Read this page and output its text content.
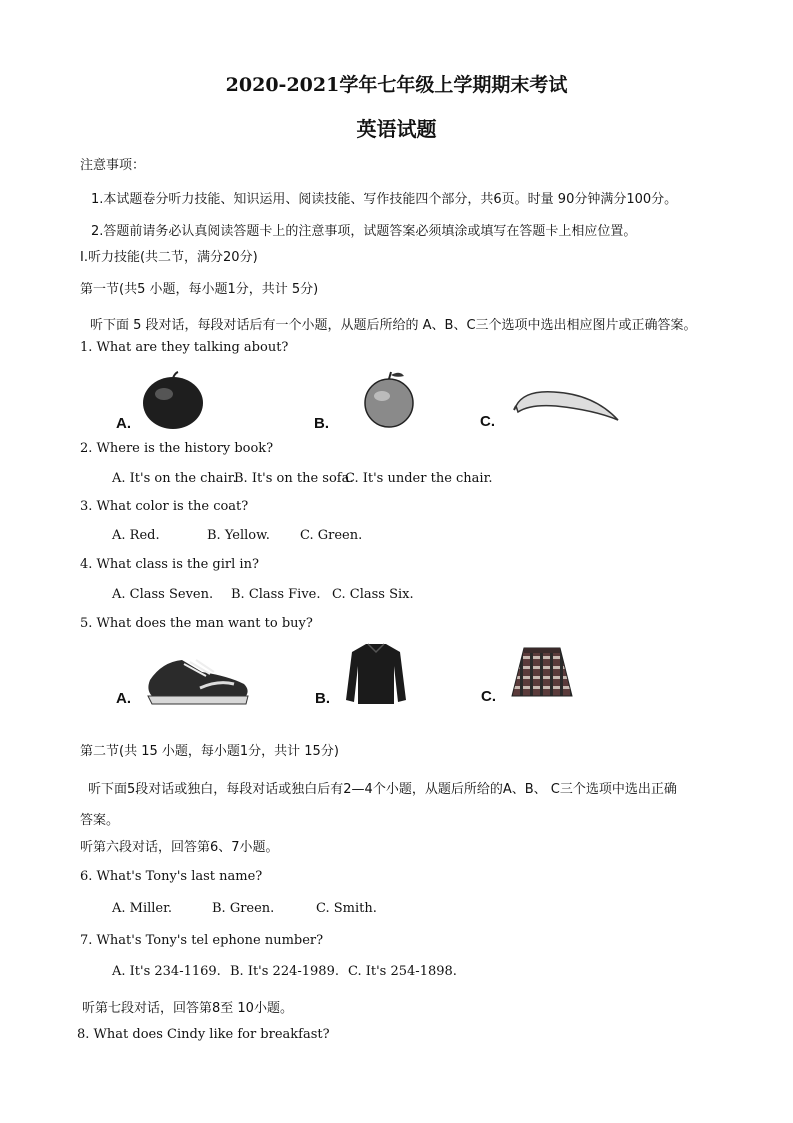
2020-2021学年七年级上学期期末考试
英语试题
注意事项：
1.本试题卷分听力技能、知识运用、阅读技能、写作技能四个部分，共6页。时量 90分钟满分100分。
2.答题前请务必认真阅读答题卡上的注意事项，试题答案必须填涂或填写在答题卡上相应位置。
Ⅰ.听力技能(共二节，满分20分)
第一节(共5 小题，每小题1分，共计 5分)
听下面 5 段对话，每段对话后有一个小题，从题后所给的 A、B、C三个选项中选出相应图片或正确答案。
1. What are they talking about?
A.	B.	C.
2. Where is the history book?
A. It's on the chair.
B. It's on the sofa.
C. It's under the chair.
3. What color is the coat?
A. Red.	B. Yellow. C. Green.
4. What class is the girl in?
A. Class Seven. B. Class Five. C. Class Six.
5. What does the man want to buy?
A.	B.	C.
第二节(共 15 小题，每小题1分，共计 15分)
听下面5段对话或独白，每段对话或独白后有2—4个小题，从题后所给的A、B、 C三个选项中选出正确
答案。
听第六段对话，回答第6、7小题。
6. What's Tony's last name?
A. Miller.	B. Green.	C. Smith.
7. What's Tony's tel ephone number?
A. It's 234-1169. B. It's 224-1989. C. It's 254-1898.
听第七段对话，回答第8至 10小题。
8. What does Cindy like for breakfast?
